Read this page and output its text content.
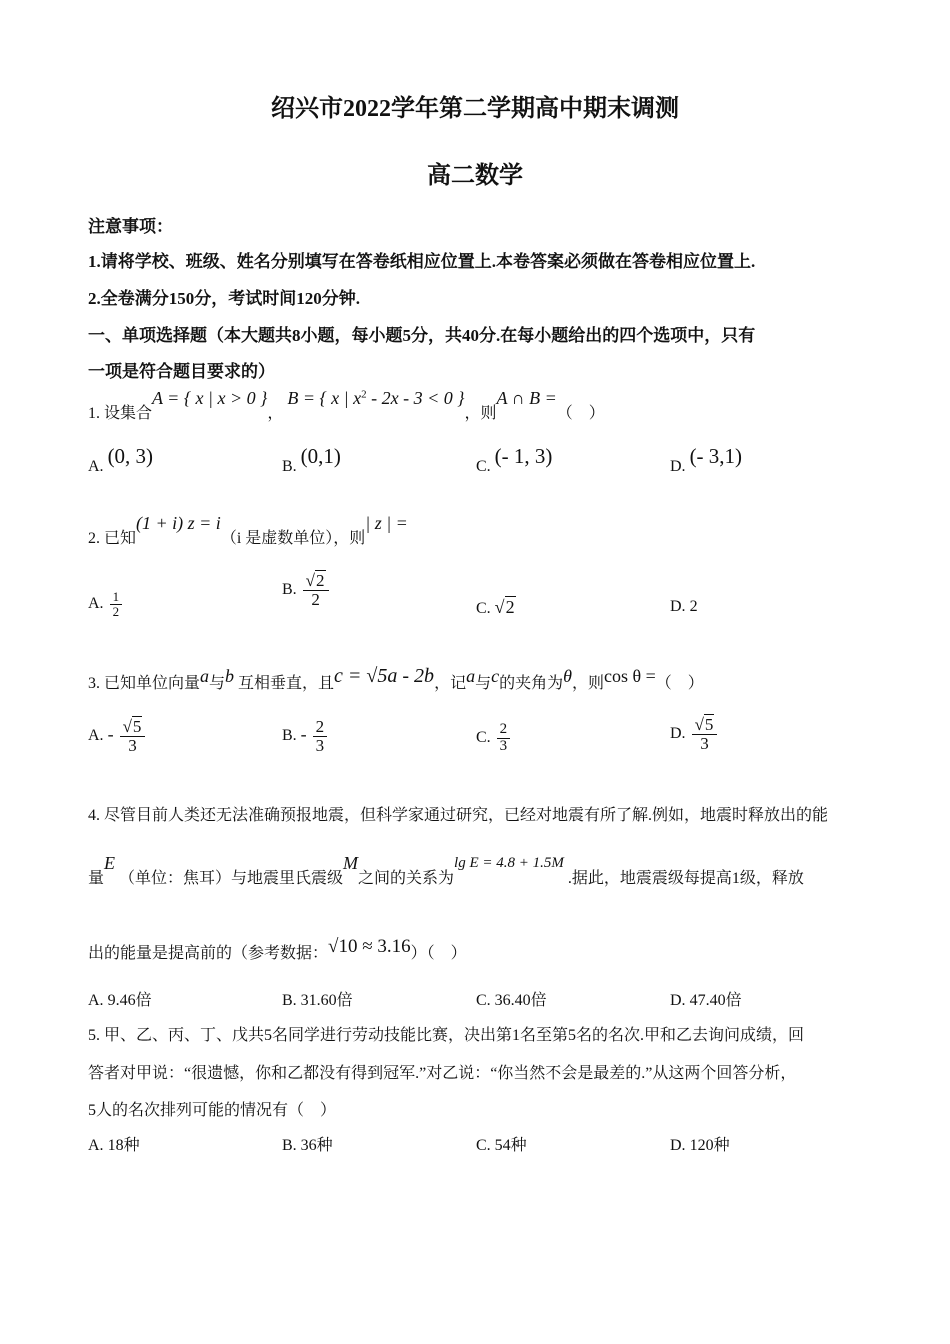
绍兴市2022学年第二学期高中期末调测
高二数学
注意事项：
1.请将学校、班级、姓名分别填写在答卷纸相应位置上.本卷答案必须做在答卷相应位置上.
2.全卷满分150分，考试时间120分钟.
一、单项选择题（本大题共8小题，每小题5分，共40分.在每小题给出的四个选项中，只有
一项是符合题目要求的）
1. 设集合A = { x | x > 0 }， B = { x | $x^2 - 2x - 3 < 0$ }，则A ∩ B =（　）
A. (0, 3)	B. (0,1)	C. (- 1, 3)	D. (- 3,1)
2. 已知(1 + i) z = i（i 是虚数单位），则| z | =
A. $\frac{1}{2}$
B. $\frac{√2}{2}$	C. √2	D. 2
3. 已知单位向量a与b 互相垂直，且c = √5a - 2b，记a与c的夹角为θ，则cos θ =（　）
A. - $\frac{√5}{3}$	B. - $\frac{2}{3}$	C. $\frac{2}{3}$	D. $\frac{√5}{3}$
4. 尽管目前人类还无法准确预报地震，但科学家通过研究，已经对地震有所了解.例如，地震时释放出的能
量E （单位：焦耳）与地震里氏震级M之间的关系为lg E = 4.8 + 1.5M .据此，地震震级每提高1级，释放
出的能量是提高前的（参考数据：√10 ≈ 3.16）（　）
A. 9.46倍	B. 31.60倍	C. 36.40倍	D. 47.40倍
5. 甲、乙、丙、丁、戊共5名同学进行劳动技能比赛，决出第1名至第5名的名次.甲和乙去询问成绩，回
答者对甲说：“很遗憾，你和乙都没有得到冠军.”对乙说：“你当然不会是最差的.”从这两个回答分析，
5人的名次排列可能的情况有（　）
A. 18种	B. 36种	C. 54种	D. 120种
